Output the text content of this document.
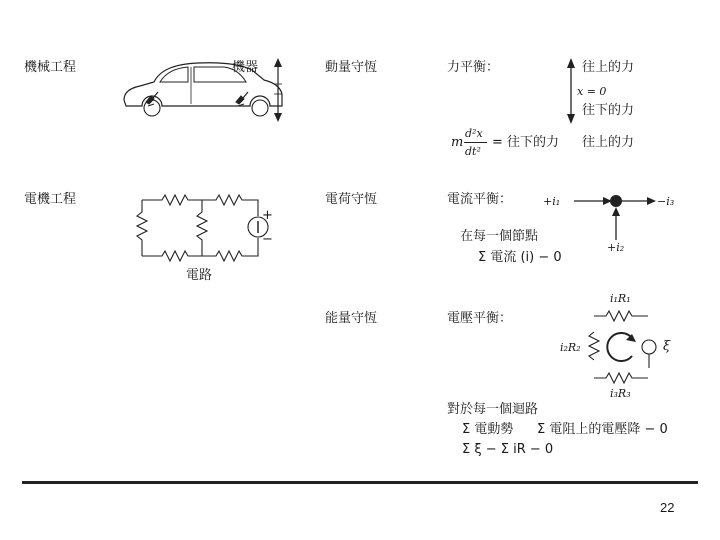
機械工程	機器	動量守恆	力平衡：	往上的力
x = 0
往下的力
m
d²x
dt²
= 往下的力 往上的力
電機工程
+
−
電路
電荷守恆	電流平衡：	+i₁	−i₃
+i₂
在每一個節點
Σ 電流 (i) − 0
能量守恆	電壓平衡：
i₁R₁
i₂R₂	ξ
i₃R₃
對於每一個迴路
Σ 電動勢 Σ 電阻上的電壓降 − 0
Σ ξ − Σ iR − 0
22
